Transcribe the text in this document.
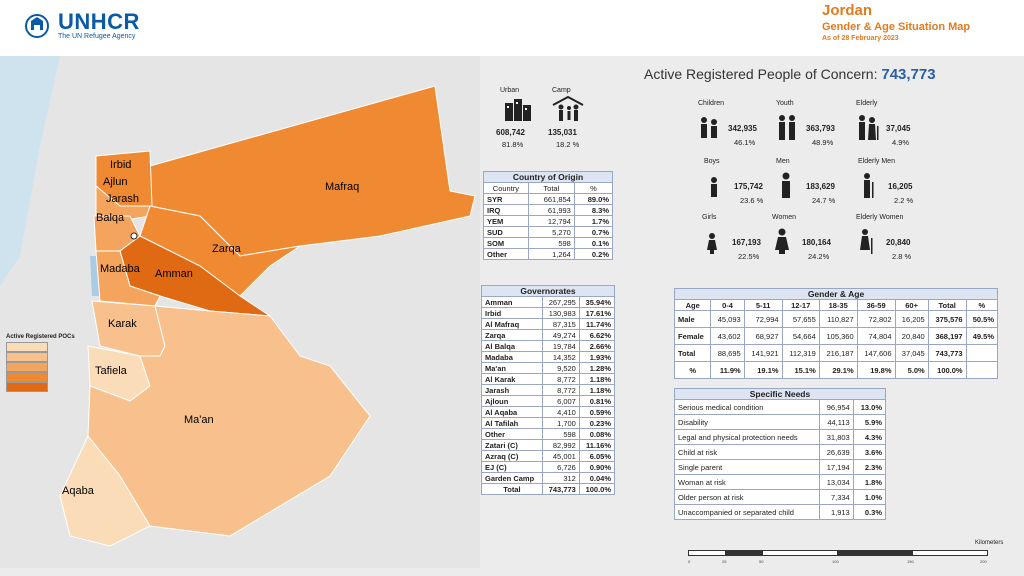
UNHCR
The UN Refugee Agency
Jordan
Gender & Age Situation Map
As of 28 February 2023
Irbid
Ajlun
Jarash
Balqa
Mafraq
Zarqa
Amman
Madaba
Karak
Tafiela
Ma'an
Aqaba
Active Registered POCs
Urban	Camp
608,742	135,031
81.8%	18.2 %
Active Registered People of Concern: 743,773
Children
342,935
46.1%
Youth
363,793
48.9%
Elderly
37,045
4.9%
Boys
175,742
23.6 %
Men
183,629
24.7 %
Elderly Men
16,205
2.2 %
Girls
167,193
22.5%
Women
180,164
24.2%
Elderly Women
20,840
2.8 %
Country of Origin		
Country	Total	%
SYR	661,854	89.0%
IRQ	61,993	8.3%
YEM	12,794	1.7%
SUD	5,270	0.7%
SOM	598	0.1%
Other	1,264	0.2%
Governorates		
Amman	267,295	35.94%
Irbid	130,983	17.61%
Al Mafraq	87,315	11.74%
Zarqa	49,274	6.62%
Al Balqa	19,784	2.66%
Madaba	14,352	1.93%
Ma'an	9,520	1.28%
Al Karak	8,772	1.18%
Jarash	8,772	1.18%
Ajloun	6,007	0.81%
Al Aqaba	4,410	0.59%
Al Tafilah	1,700	0.23%
Other	598	0.08%
Zatari (C)	82,992	11.16%
Azraq (C)	45,001	6.05%
EJ (C)	6,726	0.90%
Garden Camp	312	0.04%
Total	743,773	100.0%
Gender & Age								
Age	0-4	5-11	12-17	18-35	36-59	60+	Total	%
Male	45,093	72,994	57,655	110,827	72,802	16,205	375,576	50.5%
Female	43,602	68,927	54,664	105,360	74,804	20,840	368,197	49.5%
Total	88,695	141,921	112,319	216,187	147,606	37,045	743,773	
%	11.9%	19.1%	15.1%	29.1%	19.8%	5.0%	100.0%	
Specific Needs		
Serious medical condition	96,954	13.0%
Disability	44,113	5.9%
Legal and physical protection needs	31,803	4.3%
Child at risk	26,639	3.6%
Single parent	17,194	2.3%
Woman at risk	13,034	1.8%
Older person at risk	7,334	1.0%
Unaccompanied or separated child	1,913	0.3%
Kilometers
0	25	50	100	150	200
